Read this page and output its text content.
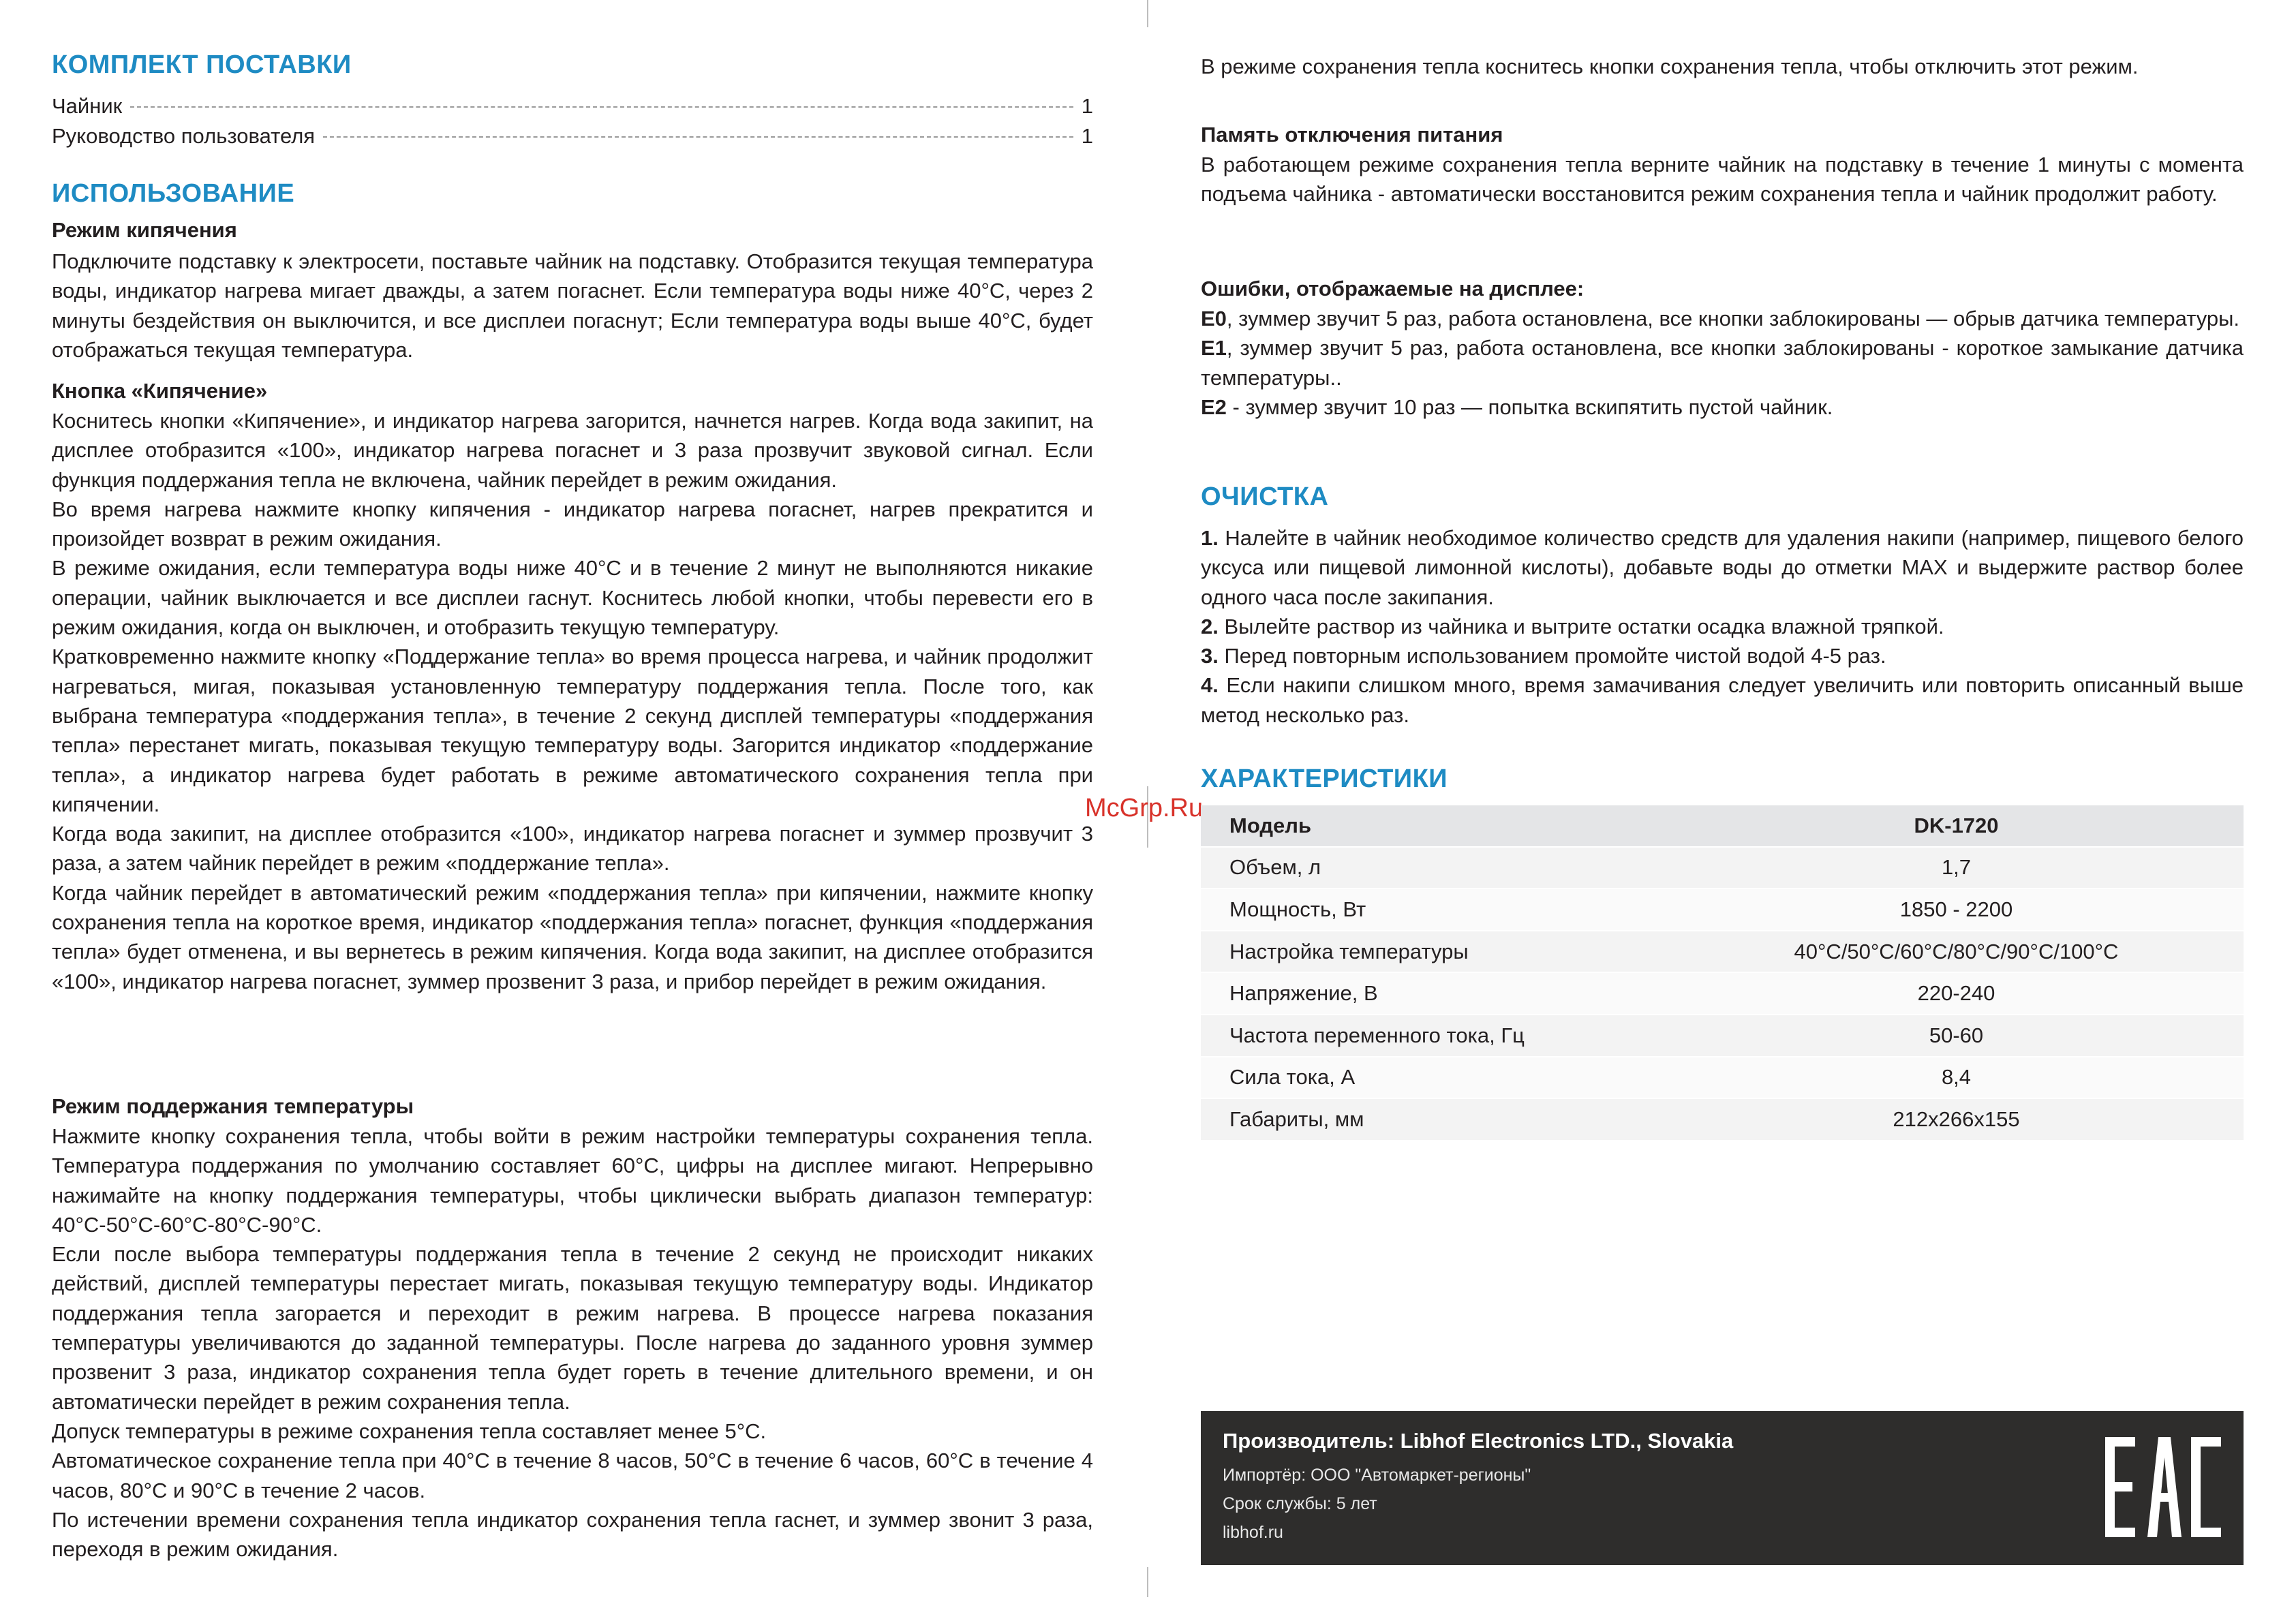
КОМПЛЕКТ ПОСТАВКИ
Чайник	1
Руководство пользователя	1
ИСПОЛЬЗОВАНИЕ
Режим кипячения

Подключите подставку к электросети, поставьте чайник на подставку. Отобразится текущая температура воды, индикатор нагрева мигает дважды, а затем погаснет. Если температура воды ниже 40°С, через 2 минуты бездействия он выключится, и все дисплеи погаснут; Если температура воды выше 40°С, будет отображаться текущая температура.

Кнопка «Кипячение»

Коснитесь кнопки «Кипячение», и индикатор нагрева загорится, начнется нагрев. Когда вода закипит, на дисплее отобразится «100», индикатор нагрева погаснет и 3 раза прозвучит звуковой сигнал. Если функция поддержания тепла не включена, чайник перейдет в режим ожидания.

Во время нагрева нажмите кнопку кипячения - индикатор нагрева погаснет, нагрев прекратится и произойдет возврат в режим ожидания.

В режиме ожидания, если температура воды ниже 40°С и в течение 2 минут не выполняются никакие операции, чайник выключается и все дисплеи гаснут. Коснитесь любой кнопки, чтобы перевести его в режим ожидания, когда он выключен, и отобразить текущую температуру.

Кратковременно нажмите кнопку «Поддержание тепла» во время процесса нагрева, и чайник продолжит нагреваться, мигая, показывая установленную температуру поддержания тепла. После того, как выбрана температура «поддержания тепла», в течение 2 секунд дисплей температуры «поддержания тепла» перестанет мигать, показывая текущую температуру воды. Загорится индикатор «поддержание тепла», а индикатор нагрева будет работать в режиме автоматического сохранения тепла при кипячении.

Когда вода закипит, на дисплее отобразится «100», индикатор нагрева погаснет и зуммер прозвучит 3 раза, а затем чайник перейдет в режим «поддержание тепла».

Когда чайник перейдет в автоматический режим «поддержания тепла» при кипячении, нажмите кнопку сохранения тепла на короткое время, индикатор «поддержания тепла» погаснет, функция «поддержания тепла» будет отменена, и вы вернетесь в режим кипячения. Когда вода закипит, на дисплее отобразится «100», индикатор нагрева погаснет, зуммер прозвенит 3 раза, и прибор перейдет в режим ожидания.

Режим поддержания температуры

Нажмите кнопку сохранения тепла, чтобы войти в режим настройки температуры сохранения тепла. Температура поддержания по умолчанию составляет 60°С, цифры на дисплее мигают. Непрерывно нажимайте на кнопку поддержания температуры, чтобы циклически выбрать диапазон температур: 40°С-50°С-60°С-80°С-90°С.

Если после выбора температуры поддержания тепла в течение 2 секунд не происходит никаких действий, дисплей температуры перестает мигать, показывая текущую температуру воды. Индикатор поддержания тепла загорается и переходит в режим нагрева. В процессе нагрева показания температуры увеличиваются до заданной температуры. После нагрева до заданного уровня зуммер прозвенит 3 раза, индикатор сохранения тепла будет гореть в течение длительного времени, и он автоматически перейдет в режим сохранения тепла.

Допуск температуры в режиме сохранения тепла составляет менее 5°С.

Автоматическое сохранение тепла при 40°С в течение 8 часов, 50°С в течение 6 часов, 60°С в течение 4 часов, 80°С и 90°С в течение 2 часов.

По истечении времени сохранения тепла индикатор сохранения тепла гаснет, и зуммер звонит 3 раза, переходя в режим ожидания.

McGrp.Ru

В режиме сохранения тепла коснитесь кнопки сохранения тепла, чтобы отключить этот режим.

Память отключения питания

В работающем режиме сохранения тепла верните чайник на подставку в течение 1 минуты с момента подъема чайника - автоматически восстановится режим сохранения тепла и чайник продолжит работу.

Ошибки, отображаемые на дисплее:

E0, зуммер звучит 5 раз, работа остановлена, все кнопки заблокированы — обрыв датчика температуры.

E1, зуммер звучит 5 раз, работа остановлена, все кнопки заблокированы - короткое замыкание датчика температуры..

E2 - зуммер звучит 10 раз — попытка вскипятить пустой чайник.

ОЧИСТКА

1. Налейте в чайник необходимое количество средств для удаления накипи (например, пищевого белого уксуса или пищевой лимонной кислоты), добавьте воды до отметки MAX и выдержите раствор более одного часа после закипания.

2. Вылейте раствор из чайника и вытрите остатки осадка влажной тряпкой.

3. Перед повторным использованием промойте чистой водой 4-5 раз.

4. Если накипи слишком много, время замачивания следует увеличить или повторить описанный выше метод несколько раз.

ХАРАКТЕРИСТИКИ
Модель	DK-1720
Объем, л	1,7
Мощность, Вт	1850 - 2200
Настройка температуры	40°С/50°С/60°С/80°С/90°С/100°С
Напряжение, В	220-240
Частота переменного тока, Гц	50-60
Сила тока, А	8,4
Габариты, мм	212x266x155
Производитель: Libhof Electronics LTD., Slovakia
Импортёр: ООО "Автомаркет-регионы"
Срок службы: 5 лет
libhof.ru
